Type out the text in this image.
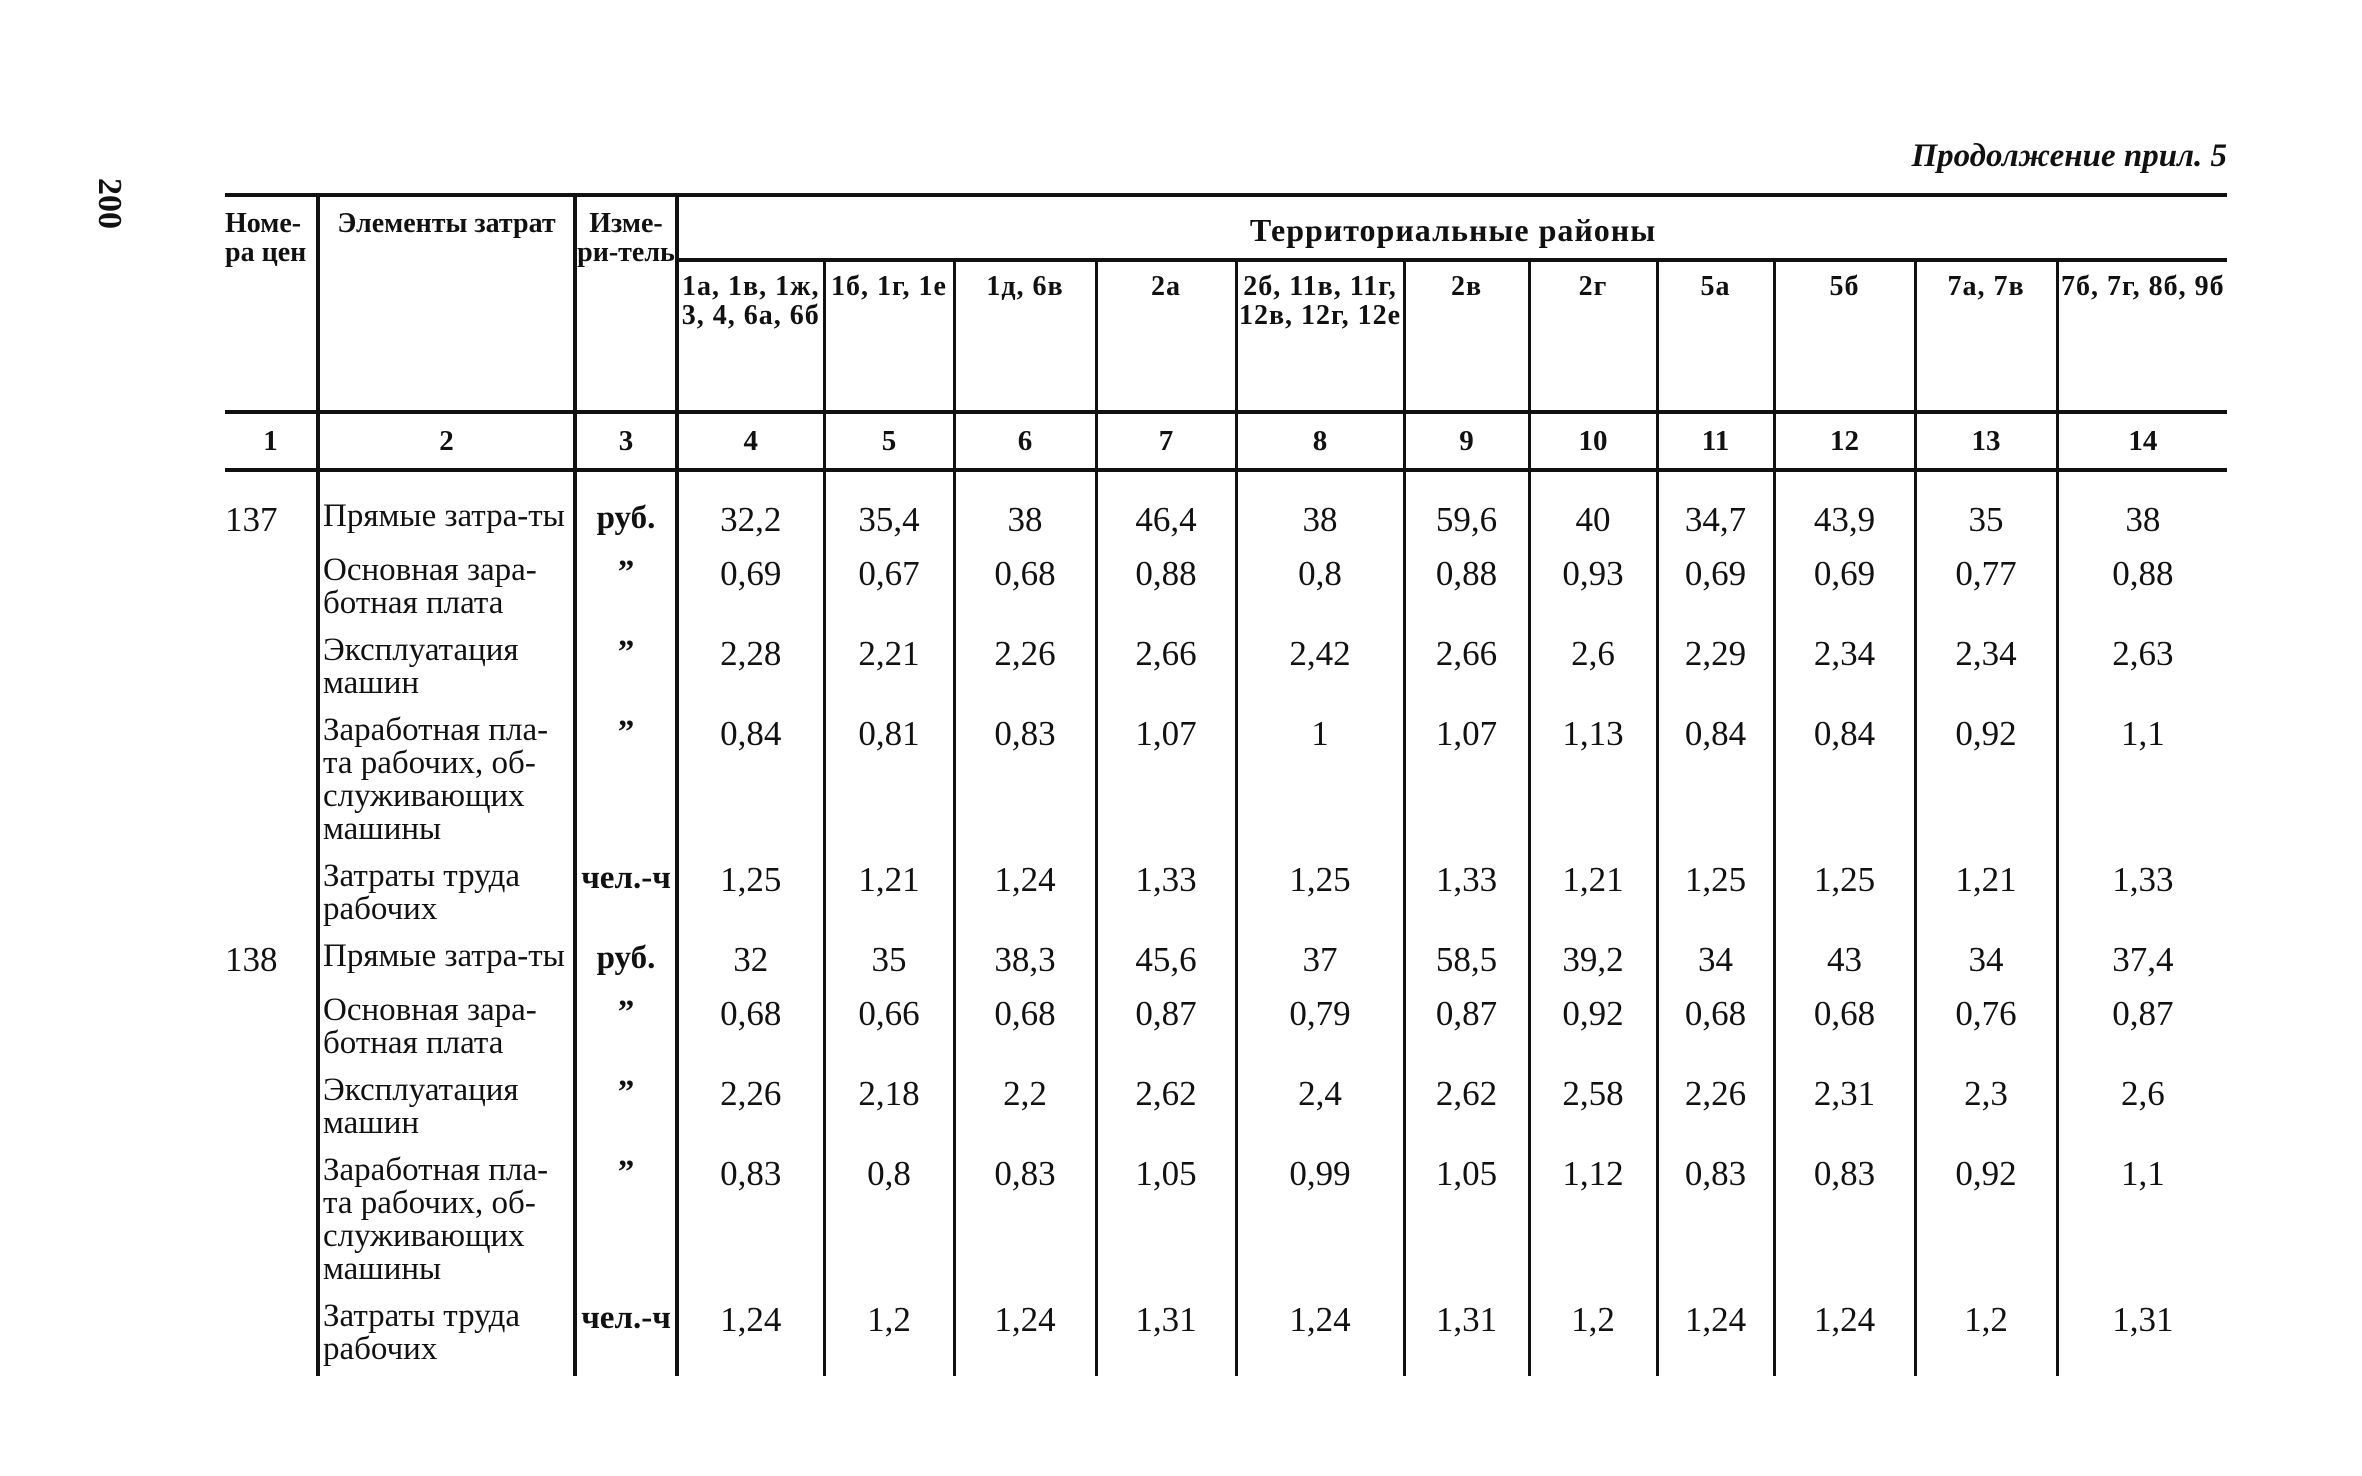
200
Продолжение прил. 5
Номе-ра цен	Элементы затрат	Изме-ри-тель	Территориальные районы										
			1а, 1в, 1ж, 3, 4, 6а, 6б	1б, 1г, 1е	1д, 6в	2а	2б, 11в, 11г, 12в, 12г, 12е	2в	2г	5а	5б	7а, 7в	7б, 7г, 8б, 9б
1	2	3	4	5	6	7	8	9	10	11	12	13	14

137	Прямые затра-ты	руб.	32,2	35,4	38	46,4	38	59,6	40	34,7	43,9	35	38
	Основная зара-ботная плата	”	0,69	0,67	0,68	0,88	0,8	0,88	0,93	0,69	0,69	0,77	0,88
	Эксплуатация машин	”	2,28	2,21	2,26	2,66	2,42	2,66	2,6	2,29	2,34	2,34	2,63
	Заработная пла-та рабочих, об-служивающих машины	”	0,84	0,81	0,83	1,07	1	1,07	1,13	0,84	0,84	0,92	1,1
	Затраты труда рабочих	чел.-ч	1,25	1,21	1,24	1,33	1,25	1,33	1,21	1,25	1,25	1,21	1,33
138	Прямые затра-ты	руб.	32	35	38,3	45,6	37	58,5	39,2	34	43	34	37,4
	Основная зара-ботная плата	”	0,68	0,66	0,68	0,87	0,79	0,87	0,92	0,68	0,68	0,76	0,87
	Эксплуатация машин	”	2,26	2,18	2,2	2,62	2,4	2,62	2,58	2,26	2,31	2,3	2,6
	Заработная пла-та рабочих, об-служивающих машины	”	0,83	0,8	0,83	1,05	0,99	1,05	1,12	0,83	0,83	0,92	1,1
	Затраты труда рабочих	чел.-ч	1,24	1,2	1,24	1,31	1,24	1,31	1,2	1,24	1,24	1,2	1,31
